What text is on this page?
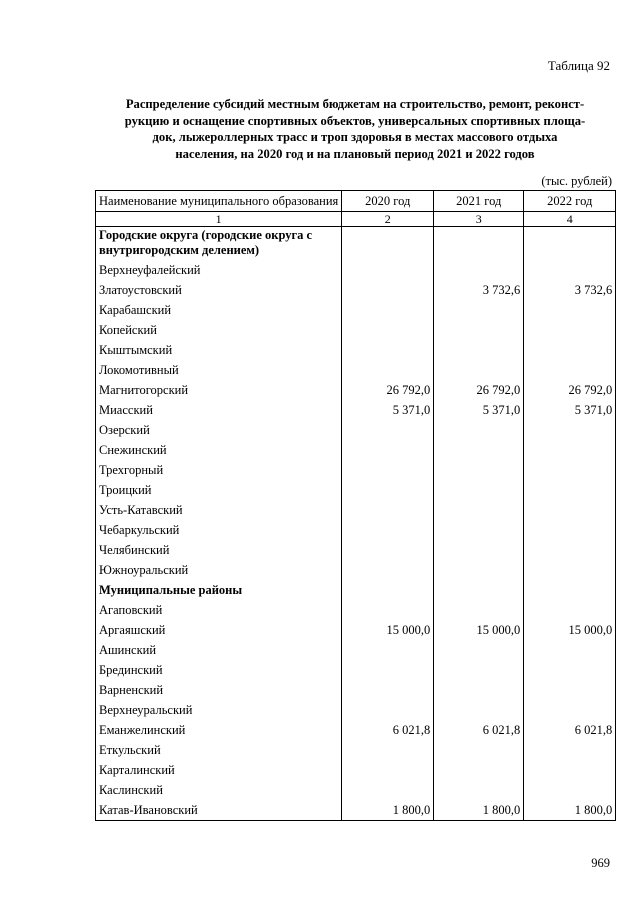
Таблица 92
Распределение субсидий местным бюджетам на строительство, ремонт, реконст-
рукцию и оснащение спортивных объектов, универсальных спортивных площа-
док, лыжероллерных трасс и троп здоровья в местах массового отдыха
населения, на 2020 год и на плановый период 2021 и 2022 годов
(тыс. рублей)
Наименование муниципального образования	2020 год	2021 год	2022 год
1	2	3	4
Городские округа (городские округа с внутригородским делением)			
Верхнеуфалейский			
Златоустовский		3 732,6	3 732,6
Карабашский			
Копейский			
Кыштымский			
Локомотивный			
Магнитогорский	26 792,0	26 792,0	26 792,0
Миасский	5 371,0	5 371,0	5 371,0
Озерский			
Снежинский			
Трехгорный			
Троицкий			
Усть-Катавский			
Чебаркульский			
Челябинский			
Южноуральский			
Муниципальные районы			
Агаповский			
Аргаяшский	15 000,0	15 000,0	15 000,0
Ашинский			
Брединский			
Варненский			
Верхнеуральский			
Еманжелинский	6 021,8	6 021,8	6 021,8
Еткульский			
Карталинский			
Каслинский			
Катав-Ивановский	1 800,0	1 800,0	1 800,0
969
